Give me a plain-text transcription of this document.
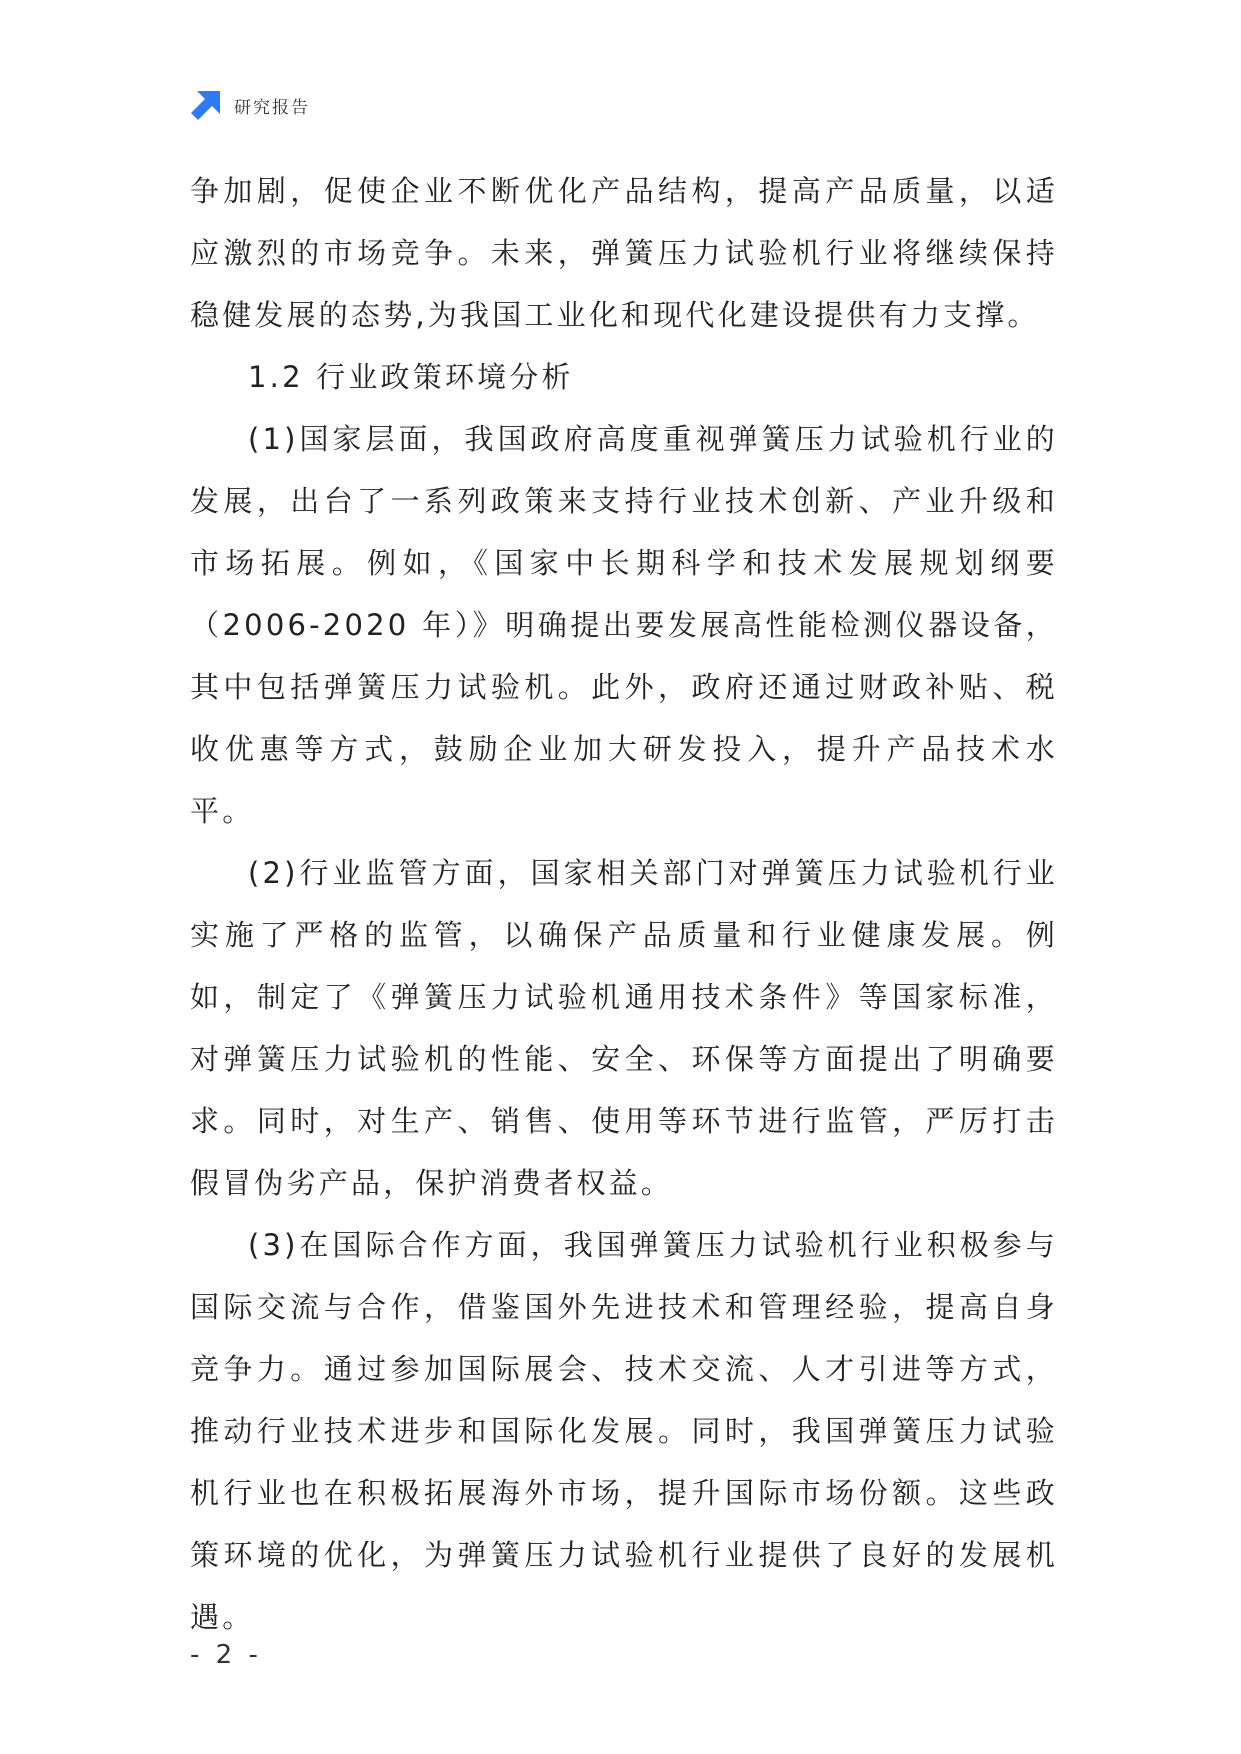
研究报告

争加剧，促使企业不断优化产品结构，提高产品质量，以适应激烈的市场竞争。未来，弹簧压力试验机行业将继续保持稳健发展的态势,为我国工业化和现代化建设提供有力支撑。

1.2 行业政策环境分析

(1)国家层面，我国政府高度重视弹簧压力试验机行业的发展，出台了一系列政策来支持行业技术创新、产业升级和市场拓展。例如，《国家中长期科学和技术发展规划纲要（2006-2020 年）》明确提出要发展高性能检测仪器设备，其中包括弹簧压力试验机。此外，政府还通过财政补贴、税收优惠等方式，鼓励企业加大研发投入，提升产品技术水平。

(2)行业监管方面，国家相关部门对弹簧压力试验机行业实施了严格的监管，以确保产品质量和行业健康发展。例如，制定了《弹簧压力试验机通用技术条件》等国家标准，对弹簧压力试验机的性能、安全、环保等方面提出了明确要求。同时，对生产、销售、使用等环节进行监管，严厉打击假冒伪劣产品，保护消费者权益。

(3)在国际合作方面，我国弹簧压力试验机行业积极参与国际交流与合作，借鉴国外先进技术和管理经验，提高自身竞争力。通过参加国际展会、技术交流、人才引进等方式，推动行业技术进步和国际化发展。同时，我国弹簧压力试验机行业也在积极拓展海外市场，提升国际市场份额。这些政策环境的优化，为弹簧压力试验机行业提供了良好的发展机遇。

- 2 -
